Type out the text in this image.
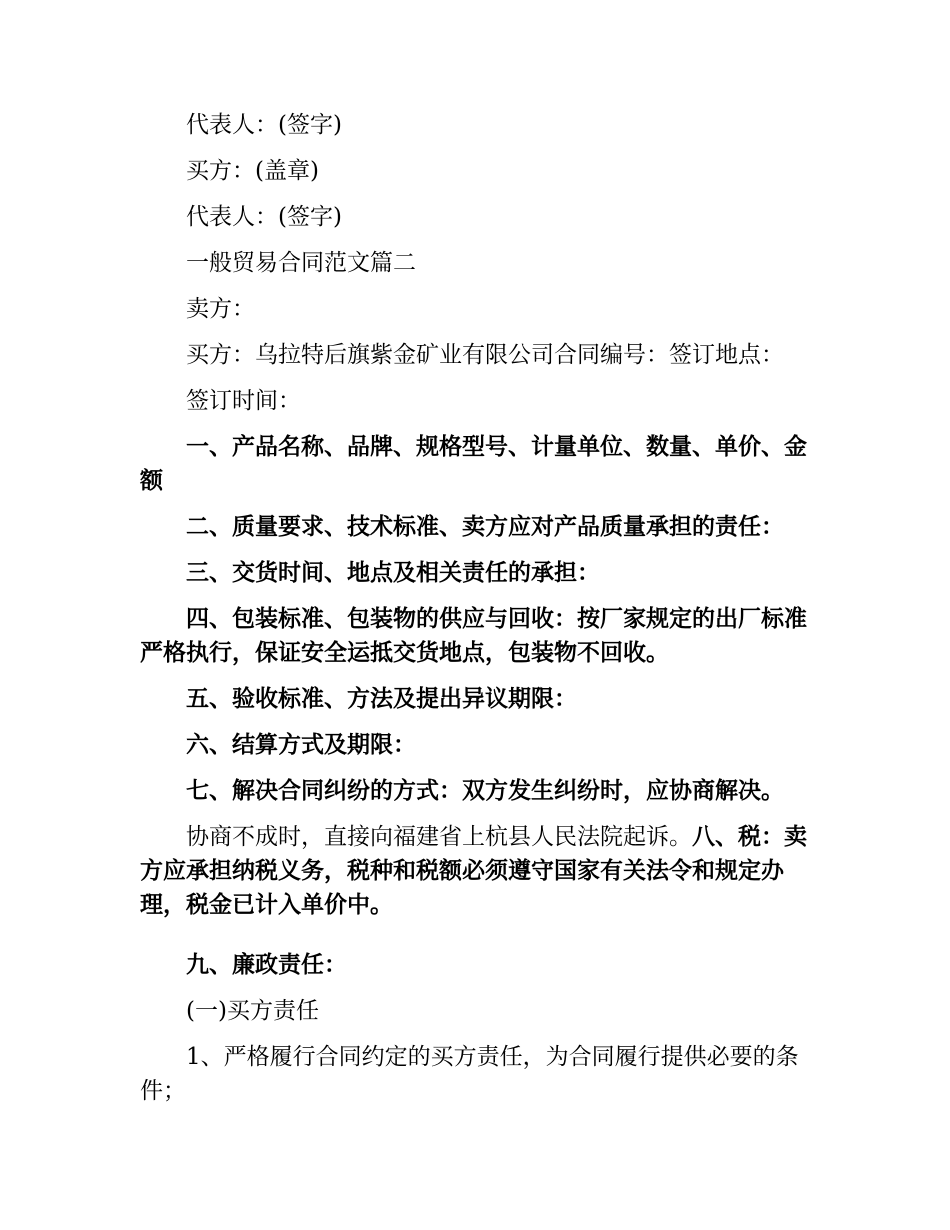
代表人：(签字)

买方：(盖章)

代表人：(签字)

一般贸易合同范文篇二

卖方：

买方：乌拉特后旗紫金矿业有限公司合同编号：签订地点：

签订时间：

一、产品名称、品牌、规格型号、计量单位、数量、单价、金额

二、质量要求、技术标准、卖方应对产品质量承担的责任：

三、交货时间、地点及相关责任的承担：

四、包装标准、包装物的供应与回收：按厂家规定的出厂标准严格执行，保证安全运抵交货地点，包装物不回收。

五、验收标准、方法及提出异议期限：

六、结算方式及期限：

七、解决合同纠纷的方式：双方发生纠纷时，应协商解决。

协商不成时，直接向福建省上杭县人民法院起诉。八、税：卖方应承担纳税义务，税种和税额必须遵守国家有关法令和规定办理，税金已计入单价中。

九、廉政责任：

(一)买方责任

1、严格履行合同约定的买方责任，为合同履行提供必要的条件；
